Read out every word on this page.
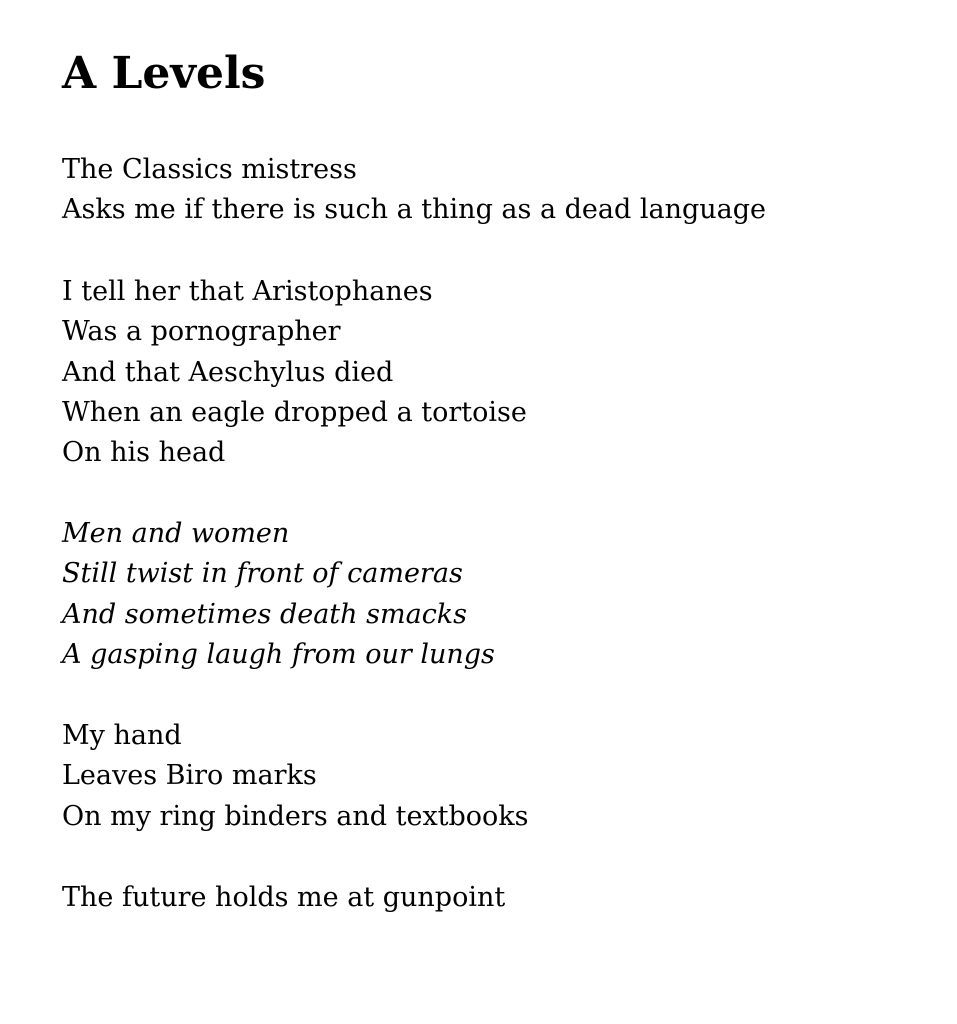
A Levels
The Classics mistress
Asks me if there is such a thing as a dead language
I tell her that Aristophanes
Was a pornographer
And that Aeschylus died
When an eagle dropped a tortoise
On his head
Men and women
Still twist in front of cameras
And sometimes death smacks
A gasping laugh from our lungs
My hand
Leaves Biro marks
On my ring binders and textbooks
The future holds me at gunpoint
